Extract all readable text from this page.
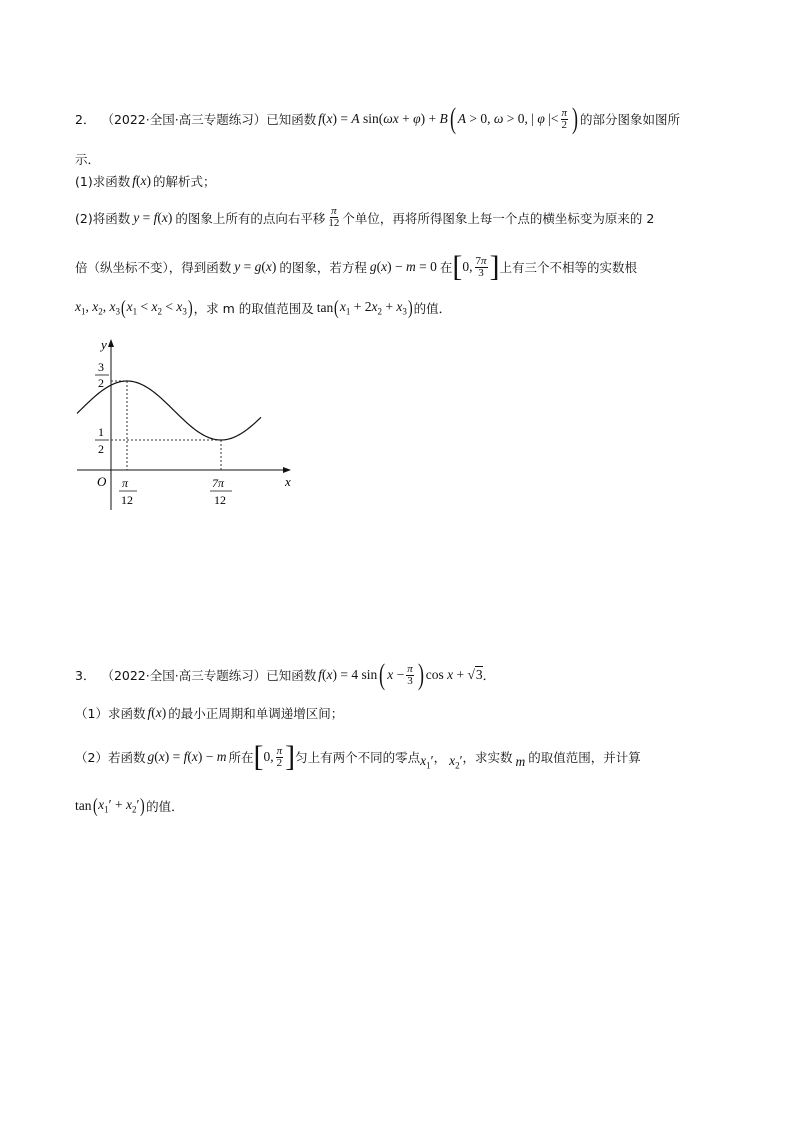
2． （2022·全国·高三专题练习） 已知函数 f(x) = A sin(ωx + φ) + B ( A > 0, ω > 0, | φ |< $\frac{\pi}{2}$ ) 的部分图象如图所
示．
(1)求函数 f(x) 的解析式；
(2)将函数 y = f(x) 的图象上所有的点向右平移 $\frac{\pi}{12}$ 个单位，再将所得图象上每一个点的横坐标变为原来的 2
倍（纵坐标不变），得到函数 y = g(x) 的图象，若方程 g(x) − m = 0 在 [ 0, $\frac{7\pi}{3}$ ] 上有三个不相等的实数根
$x_1$, $x_2$, $x_3$ ( $x_1 < x_2 < x_3$ ) ，求 m 的取值范围及 tan ( $x_1 + 2x_2 + x_3$ ) 的值．
y
x
O
3
2
1
2
π
12
7π
12
3． （2022·全国·高三专题练习） 已知函数 f(x) = 4 sin ( $x - \frac{\pi}{3}$ ) cos x + √3 ．
（1）求函数 f(x) 的最小正周期和单调递增区间；
（2）若函数 g(x) = f(x) − m 所在 [ 0, $\frac{\pi}{2}$ ] 匀上有两个不同的零点 $x_1'$ ， $x_2'$ ，求实数 m 的取值范围，并计算
tan ( $x_1' + x_2'$ ) 的值．
